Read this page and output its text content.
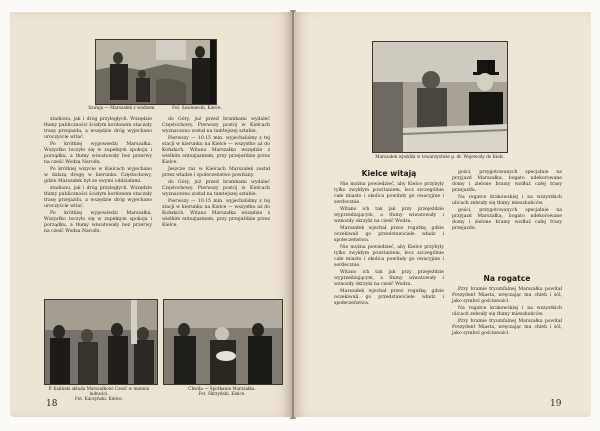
Szwaja — Marszałek z wodzem.	Fot. Sawiniecki, Kielce.

stadionu, jak i dróg przyległych. Wszędzie tłumy publiczności ścisłym kordonem otaczały trasę przejazdu, a wszędzie dróg wyjechano uroczyście witać.

Po krótkiej wypowiedzi Marszałka. Wszystko toczyło się w zupełnym spokoju i porządku, a tłumy wiwatowały bez przerwy na cześć Wodza Narodu.

Po krótkiej wizycie w Kielcach wyjechano w dalszą drogę w kierunku Częstochowy, gdzie Marszałek był ze swymi oddziałami.

stadionu, jak i dróg przyległych. Wszędzie tłumy publiczności ścisłym kordonem otaczały trasę przejazdu, a wszędzie dróg wyjechano uroczyście witać.

Po krótkiej wypowiedzi Marszałka. Wszystko toczyło się w zupełnym spokoju i porządku, a tłumy wiwatowały bez przerwy na cześć Wodza Narodu.

do Góry, już przed bramkami wydaleć Częstochowy. Pierwszy postój w Kielcach wyznaczono został na tamtejszej sztabie.

Pierwszy — 10.15 min. wyjechaliśmy z tej stacji w kierunku na Kielce — wszystko aż do Końskich. Witano Marszałka wszędzie z wielkim entuzjazmem, przy przejeździe przez Kielce.

Jeszcze raz w Kielcach Marszałek został przez władze i społeczeństwo powitany.

do Góry, już przed bramkami wydaleć Częstochowy. Pierwszy postój w Kielcach wyznaczono został na tamtejszej sztabie.

Pierwszy — 10.15 min. wyjechaliśmy z tej stacji w kierunku na Kielce — wszystko aż do Końskich. Witano Marszałka wszędzie z wielkim entuzjazmem, przy przejeździe przez Kielce.

P. Kaliński składa Marszałkowi Cześć w imieniu ludności.
Fot. Kaczyński, Kielce.
Chwila — Spotkanie Marszałka.
Fot. Skrzyński, Kielce.
18
Marszałek wjeżdża w towarzystwie p. dr. Wojewody do Kielc.
Kielce witają

Nie można powiedzieć, aby Kielce przybyły tylko zwykłym powitaniem, lecz szczególnie całe miasto i okolica powitały go owacyjnie i serdecznie.

Witano ich tak jak przy przejeździe wyprzedzającym, a tłumy wiwatowały i wznosiły okrzyki na cześć Wodza.

Marszałek wjechał przez rogatkę, gdzie oczekiwali go przedstawiciele władz i społeczeństwa.

Nie można powiedzieć, aby Kielce przybyły tylko zwykłym powitaniem, lecz szczególnie całe miasto i okolica powitały go owacyjnie i serdecznie.

Witano ich tak jak przy przejeździe wyprzedzającym, a tłumy wiwatowały i wznosiły okrzyki na cześć Wodza.

Marszałek wjechał przez rogatkę, gdzie oczekiwali go przedstawiciele władz i społeczeństwa.

gości, przygotowanych specjalnie na przyjazd Marszałka, bogato udekorowane domy i zielone bramy wzdłuż całej trasy przejazdu.

Na rogatce krakowskiej i na wszystkich ulicach zebrały się tłumy mieszkańców.

gości, przygotowanych specjalnie na przyjazd Marszałka, bogato udekorowane domy i zielone bramy wzdłuż całej trasy przejazdu.

Na rogatce

Przy bramie tryumfalnej Marszałka powitał Prezydent Miasta, wręczając mu chleb i sól, jako symbol gościnności.

Na rogatce krakowskiej i na wszystkich ulicach zebrały się tłumy mieszkańców.

Przy bramie tryumfalnej Marszałka powitał Prezydent Miasta, wręczając mu chleb i sól, jako symbol gościnności.

19
